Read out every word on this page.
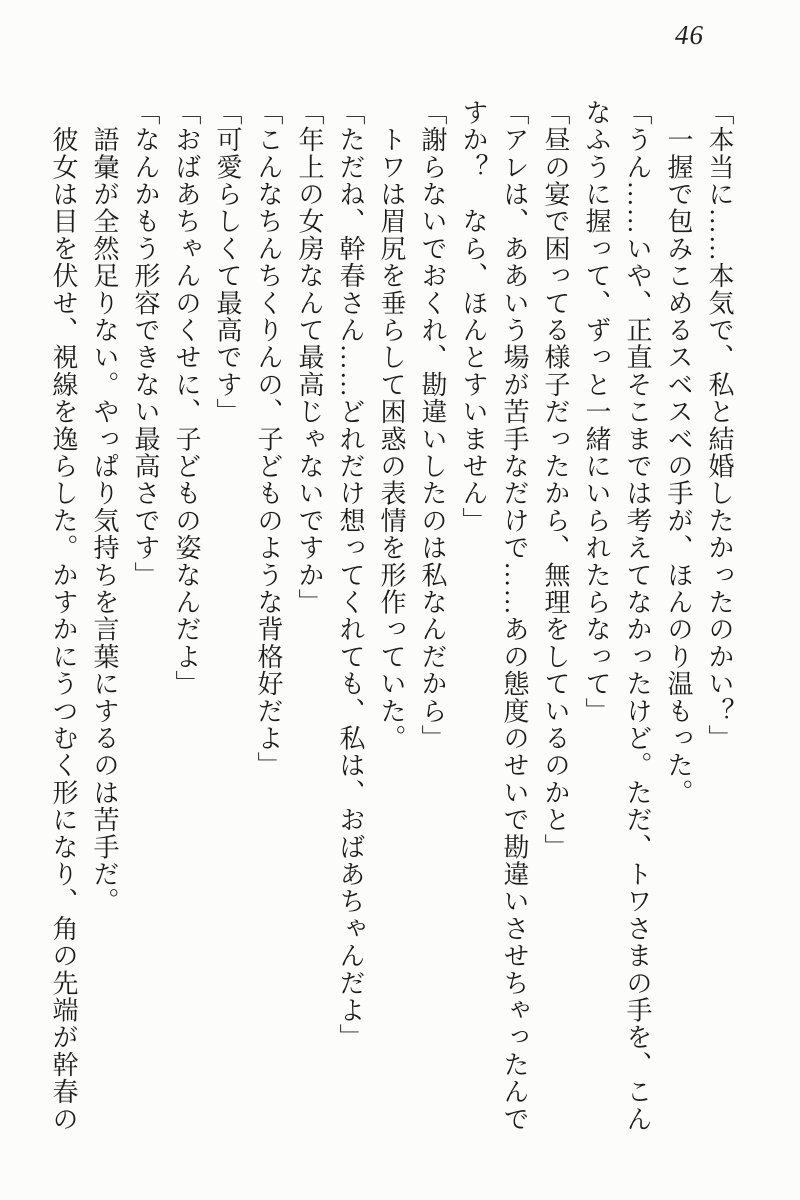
46

「本当に……本気で、私と結婚したかったのかい？」

　一握で包みこめるスベスベの手が、ほんのり温もった。

「うん……いや、正直そこまでは考えてなかったけど。ただ、トワさまの手を、こん

なふうに握って、ずっと一緒にいられたらなって」

「昼の宴で困ってる様子だったから、無理をしているのかと」

「アレは、ああいう場が苦手なだけで……あの態度のせいで勘違いさせちゃったんで

すか？　なら、ほんとすいません」

「謝らないでおくれ、勘違いしたのは私なんだから」

　トワは眉尻を垂らして困惑の表情を形作っていた。

「ただね、幹春さん……どれだけ想ってくれても、私は、おばあちゃんだよ」

「年上の女房なんて最高じゃないですか」

「こんなちんちくりんの、子どものような背格好だよ」

「可愛らしくて最高です」

「おばあちゃんのくせに、子どもの姿なんだよ」

「なんかもう形容できない最高さです」

　語彙が全然足りない。やっぱり気持ちを言葉にするのは苦手だ。

　彼女は目を伏せ、視線を逸らした。かすかにうつむく形になり、角の先端が幹春の
